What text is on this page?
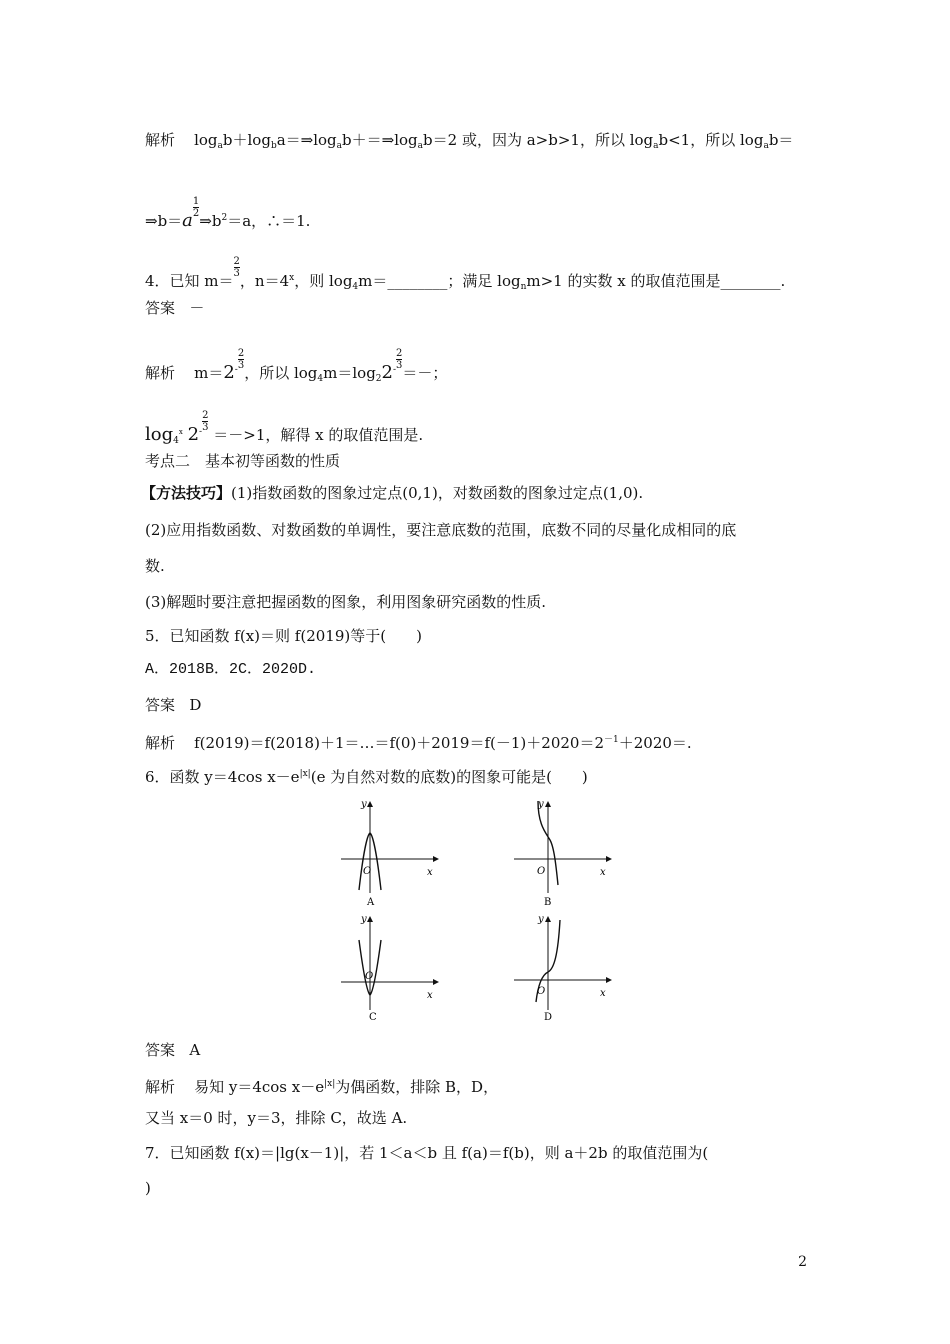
解析 $\log_ab+\log_ba=\Rightarrow\log_ab+=\Rightarrow\log_ab=2$ 或，因为 a>b>1，所以 $\log_ab<1$，所以 $\log_ab=$
$\Rightarrow b=a\frac{1}{2}$
$\Rightarrow b^2=a$，∴＝1.
4．已知 $m=\frac{2}{3}$
，$n=4^x$，则 $\log_4m=\_\_\_\_\_\_\_\_$；满足 $\log_nm>1$ 的实数 x 的取值范围是________.
答案 －
解析 $m=2^-\frac{2}{3}$
，所以 $\log_4m=\log_22^-\frac{2}{3}$
＝－；
$\log_4^x 2^-\frac{2}{3}$
＝－>1，解得 x 的取值范围是.
考点二　基本初等函数的性质
【方法技巧】(1)指数函数的图象过定点(0,1)，对数函数的图象过定点(1,0).
(2)应用指数函数、对数函数的单调性，要注意底数的范围，底数不同的尽量化成相同的底
数.
(3)解题时要注意把握函数的图象，利用图象研究函数的性质.
5．已知函数 f(x)＝则 f(2019)等于(　　)
A．2018B．2C．2020D.
答案 D
解析 $f(2019)=f(2018)+1=\dots=f(0)+2019=f(-1)+2020=2^{-1}+2020=$.
6．函数 y＝4cos $x-e^{|x|}(e$ 为自然对数的底数)的图象可能是(　　)
y
x
O
A
y
x
O
B
y
x
O
C
y
x
O
D
答案 A
解析 易知 y＝4cos $x-e^{|x|}$为偶函数，排除 B，D，
又当 x＝0 时，y＝3，排除 C，故选 A.
7．已知函数 f(x)＝|lg(x－1)|，若 1＜a＜b 且 f(a)＝f(b)，则 a＋2b 的取值范围为(
)
2
